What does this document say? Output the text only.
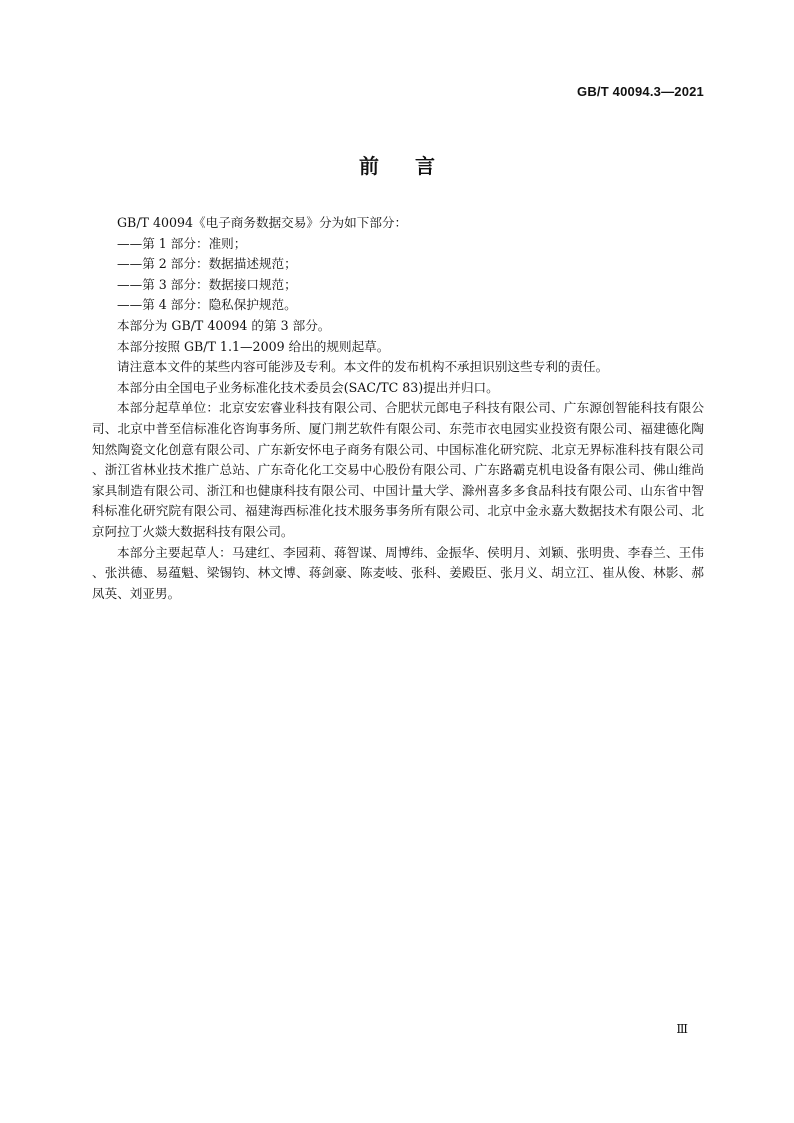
GB/T 40094.3—2021
前言

GB/T 40094《电子商务数据交易》分为如下部分：

——第 1 部分：准则；

——第 2 部分：数据描述规范；

——第 3 部分：数据接口规范；

——第 4 部分：隐私保护规范。

本部分为 GB/T 40094 的第 3 部分。

本部分按照 GB/T 1.1—2009 给出的规则起草。

请注意本文件的某些内容可能涉及专利。本文件的发布机构不承担识别这些专利的责任。

本部分由全国电子业务标准化技术委员会(SAC/TC 83)提出并归口。

本部分起草单位：北京安宏睿业科技有限公司、合肥状元郎电子科技有限公司、广东源创智能科技有限公司、北京中普至信标准化咨询事务所、厦门荆艺软件有限公司、东莞市衣电园实业投资有限公司、福建德化陶知然陶瓷文化创意有限公司、广东新安怀电子商务有限公司、中国标准化研究院、北京无界标准科技有限公司、浙江省林业技术推广总站、广东奇化化工交易中心股份有限公司、广东路霸克机电设备有限公司、佛山维尚家具制造有限公司、浙江和也健康科技有限公司、中国计量大学、滁州喜多多食品科技有限公司、山东省中智科标准化研究院有限公司、福建海西标准化技术服务事务所有限公司、北京中金永嘉大数据技术有限公司、北京阿拉丁火燚大数据科技有限公司。

本部分主要起草人：马建红、李园莉、蒋智谋、周博纬、金振华、侯明月、刘颖、张明贵、李春兰、王伟、张洪德、易蕴魁、梁锡钧、林文博、蒋剑豪、陈麦岐、张科、姜殿臣、张月义、胡立江、崔从俊、林影、郝凤英、刘亚男。

Ⅲ
